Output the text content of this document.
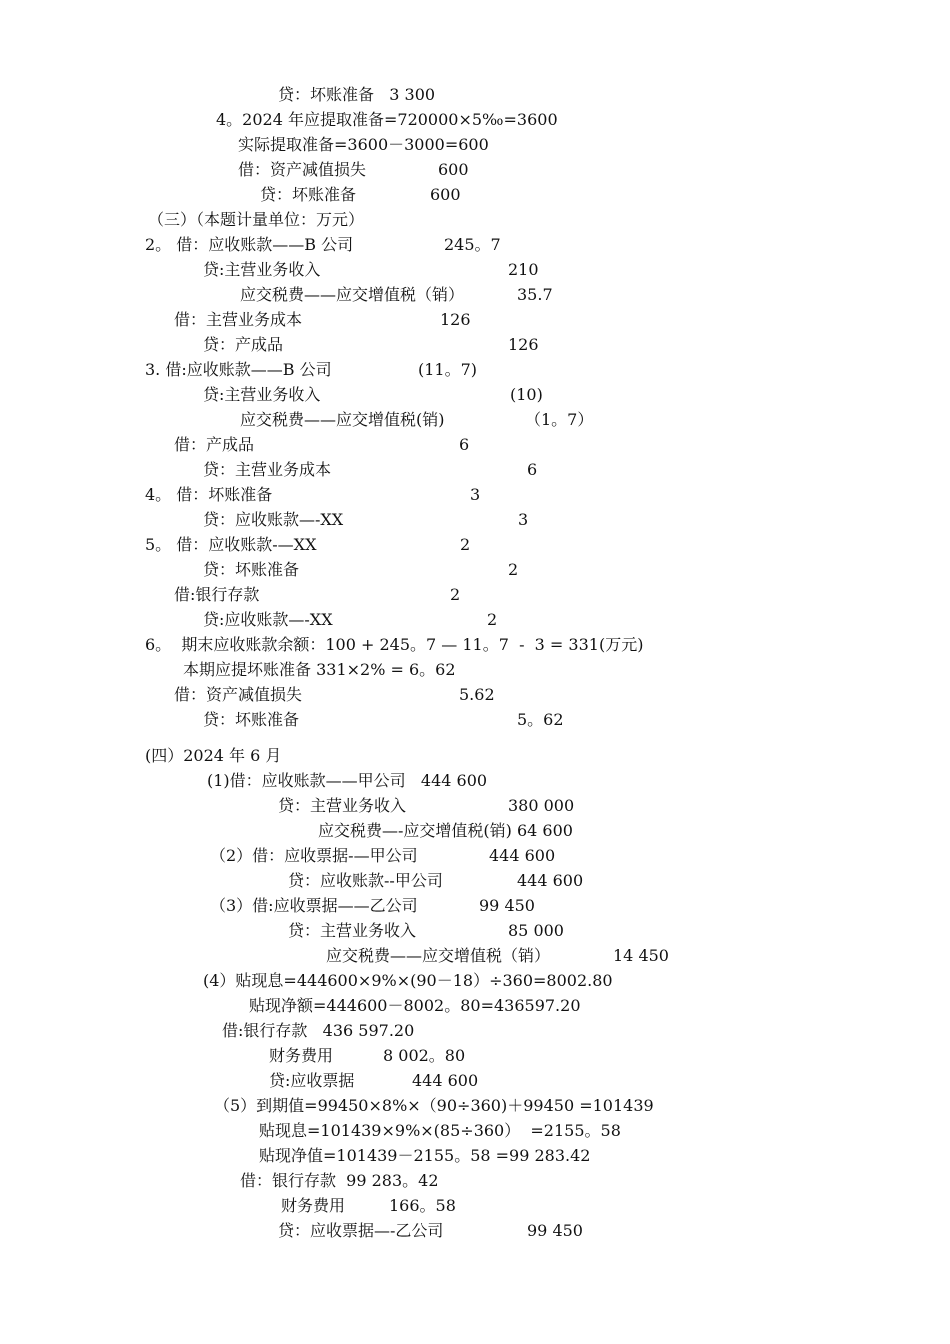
贷：坏账准备   3 300
4。2024 年应提取准备=720000×5‰=3600
实际提取准备=3600－3000=600
借：资产减值损失	600
贷：坏账准备	600
（三）（本题计量单位：万元）
2。 借：应收账款——B 公司	245。7
贷:主营业务收入	210
应交税费——应交增值税（销）	35.7
借：主营业务成本	126
贷：产成品	126
3. 借:应收账款——B 公司	(11。7)
贷:主营业务收入	(10)
应交税费——应交增值税(销)	（1。7）
借：产成品	6
贷：主营业务成本	6
4。 借：坏账准备	3
贷：应收账款—-XX	3
5。 借：应收账款-—XX	2
贷：坏账准备	2
借:银行存款	2
贷:应收账款—-XX	2
6。  期末应收账款余额：100 + 245。7 — 11。7  -  3 = 331(万元)
本期应提坏账准备 331×2% = 6。62
借：资产减值损失	5.62
贷：坏账准备	5。62
(四）2024 年 6 月
(1)借：应收账款——甲公司   444 600
贷：主营业务收入	380 000
应交税费—-应交增值税(销) 64 600
（2）借：应收票据-—甲公司	444 600
贷：应收账款--甲公司	444 600
（3）借:应收票据——乙公司	99 450
贷：主营业务收入	85 000
应交税费——应交增值税（销）	14 450
(4）贴现息=444600×9%×(90－18）÷360=8002.80
贴现净额=444600－8002。80=436597.20
借:银行存款   436 597.20
财务费用	8 002。80
贷:应收票据	444 600
（5）到期值=99450×8%×（90÷360)＋99450 =101439
贴现息=101439×9%×(85÷360）  =2155。58
贴现净值=101439－2155。58 =99 283.42
借：银行存款  99 283。42
财务费用	166。58
贷：应收票据—-乙公司	99 450
